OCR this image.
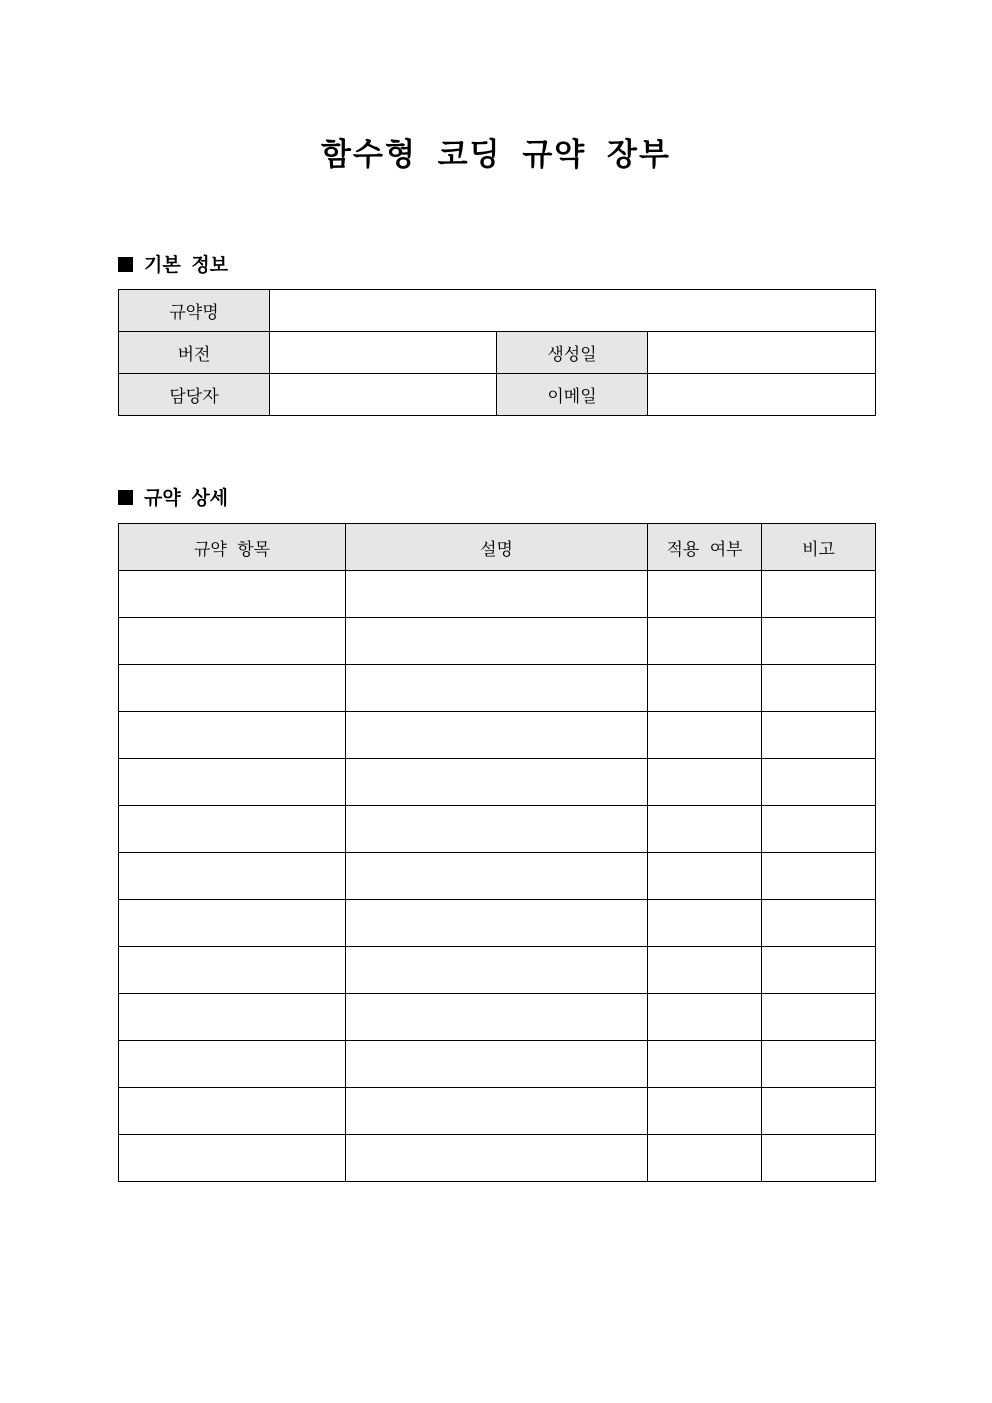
함수형 코딩 규약 장부
기본 정보
규약명			
버전		생성일	
담당자		이메일	
규약 상세
규약 항목	설명	적용 여부	비고
